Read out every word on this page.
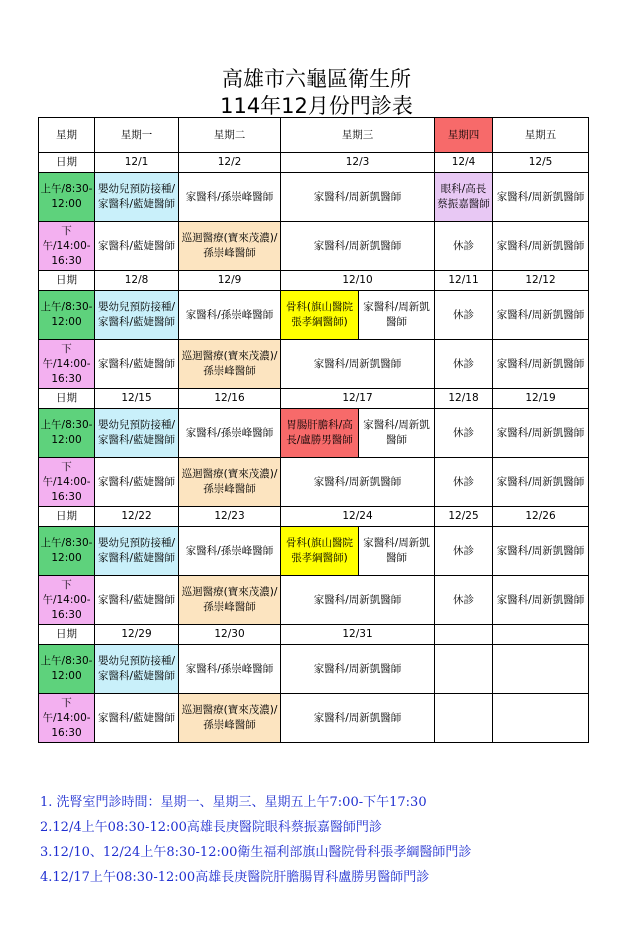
高雄市六龜區衛生所
114年12月份門診表
星期	星期一	星期二	星期三		星期四	星期五
日期	12/1	12/2	12/3		12/4	12/5
上午/8:30-12:00	嬰幼兒預防接種/家醫科/藍婕醫師	家醫科/孫崇峰醫師	家醫科/周新凱醫師		眼科/高長蔡振嘉醫師	家醫科/周新凱醫師
下午/14:00-16:30	家醫科/藍婕醫師	巡迴醫療(寶來茂濃)/孫崇峰醫師	家醫科/周新凱醫師		休診	家醫科/周新凱醫師
日期	12/8	12/9	12/10		12/11	12/12
上午/8:30-12:00	嬰幼兒預防接種/家醫科/藍婕醫師	家醫科/孫崇峰醫師	骨科(旗山醫院張孝綱醫師)	家醫科/周新凱醫師	休診	家醫科/周新凱醫師
下午/14:00-16:30	家醫科/藍婕醫師	巡迴醫療(寶來茂濃)/孫崇峰醫師	家醫科/周新凱醫師		休診	家醫科/周新凱醫師
日期	12/15	12/16	12/17		12/18	12/19
上午/8:30-12:00	嬰幼兒預防接種/家醫科/藍婕醫師	家醫科/孫崇峰醫師	胃腸肝膽科/高長/盧勝男醫師	家醫科/周新凱醫師	休診	家醫科/周新凱醫師
下午/14:00-16:30	家醫科/藍婕醫師	巡迴醫療(寶來茂濃)/孫崇峰醫師	家醫科/周新凱醫師		休診	家醫科/周新凱醫師
日期	12/22	12/23	12/24		12/25	12/26
上午/8:30-12:00	嬰幼兒預防接種/家醫科/藍婕醫師	家醫科/孫崇峰醫師	骨科(旗山醫院張孝綱醫師)	家醫科/周新凱醫師	休診	家醫科/周新凱醫師
下午/14:00-16:30	家醫科/藍婕醫師	巡迴醫療(寶來茂濃)/孫崇峰醫師	家醫科/周新凱醫師		休診	家醫科/周新凱醫師
日期	12/29	12/30	12/31			
上午/8:30-12:00	嬰幼兒預防接種/家醫科/藍婕醫師	家醫科/孫崇峰醫師	家醫科/周新凱醫師			
下午/14:00-16:30	家醫科/藍婕醫師	巡迴醫療(寶來茂濃)/孫崇峰醫師	家醫科/周新凱醫師			
1. 洗腎室門診時間：星期一、星期三、星期五上午7:00-下午17:30
2.12/4上午08:30-12:00高雄長庚醫院眼科蔡振嘉醫師門診
3.12/10、12/24上午8:30-12:00衛生福利部旗山醫院骨科張孝綱醫師門診
4.12/17上午08:30-12:00高雄長庚醫院肝膽腸胃科盧勝男醫師門診
